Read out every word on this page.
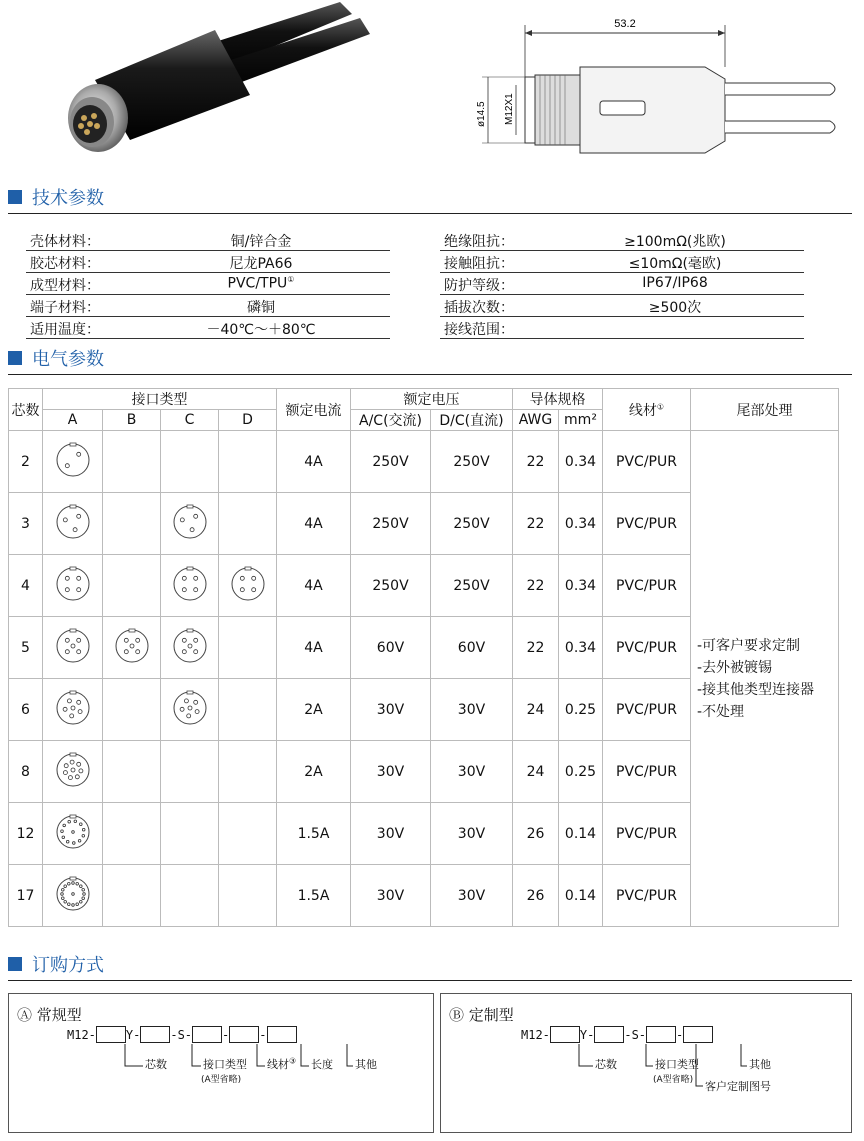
53.2
ø14.5 M12X1
技术参数
壳体材料：	铜/锌合金
胶芯材料：	尼龙PA66
成型材料：	PVC/TPU①
端子材料：	磷铜
适用温度：	－40℃～＋80℃
绝缘阻抗：	≥100mΩ(兆欧)
接触阻抗：	≤10mΩ(毫欧)
防护等级：	IP67/IP68
插拔次数：	≥500次
接线范围：
电气参数
芯数	接口类型				额定电流	额定电压		导体规格		线材①	尾部处理
	A	B	C	D		A/C(交流)	D/C(直流)	AWG	mm²		
2					4A	250V	250V	22	0.34	PVC/PUR	-可客户要求定制
-去外被镀锡
-接其他类型连接器
-不处理

3					4A	250V	250V	22	0.34	PVC/PUR	
4					4A	250V	250V	22	0.34	PVC/PUR	
5					4A	60V	60V	22	0.34	PVC/PUR	
6					2A	30V	30V	24	0.25	PVC/PUR	
8					2A	30V	30V	24	0.25	PVC/PUR	
12					1.5A	30V	30V	26	0.14	PVC/PUR	
17					1.5A	30V	30V	26	0.14	PVC/PUR	
订购方式
Ⓐ 常规型
M12-	Y-	-S-	-	-
芯数	接口类型
(A型省略)
线材③ 长度 其他
Ⓑ 定制型
M12-	Y-	-S-	-
芯数	接口类型
(A型省略) 客户定制图号
其他
